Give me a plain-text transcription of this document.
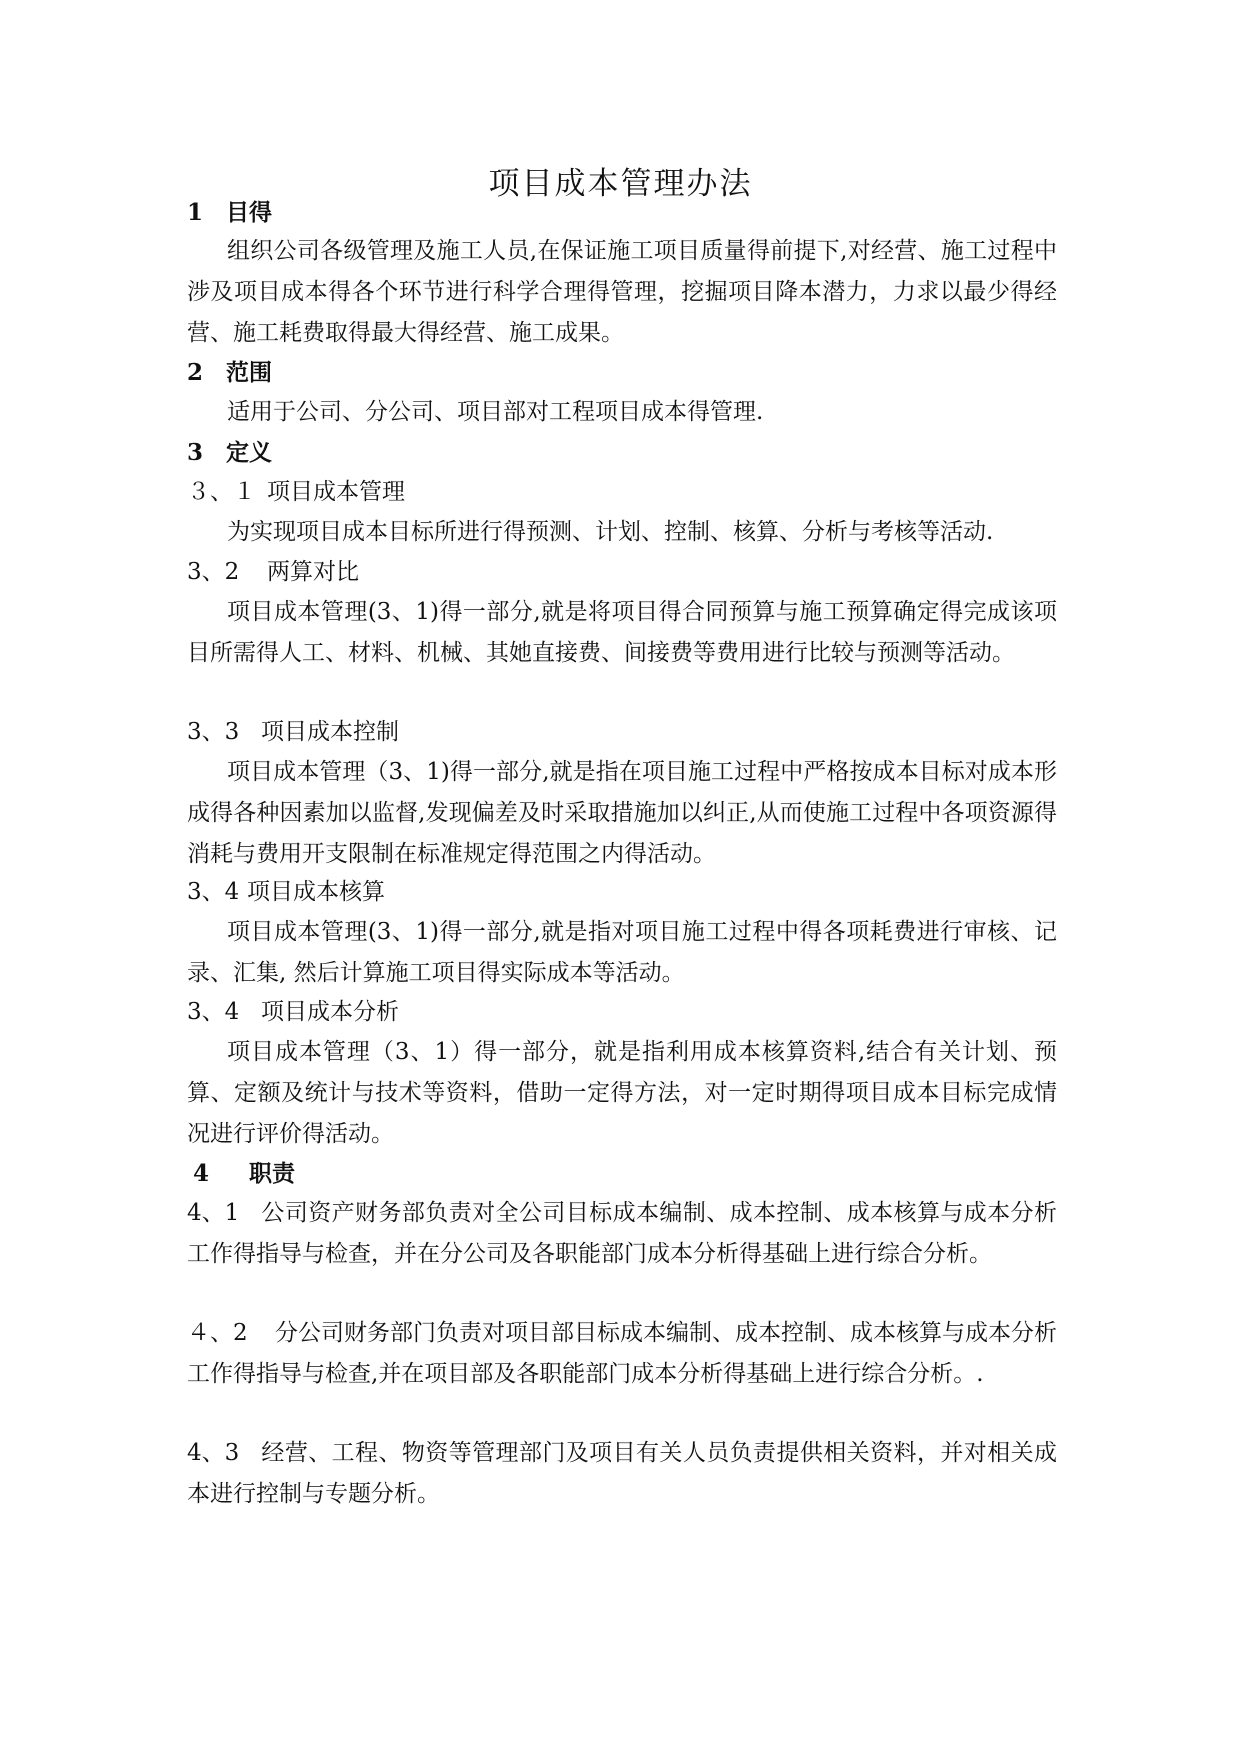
项目成本管理办法
1 目得
组织公司各级管理及施工人员,在保证施工项目质量得前提下,对经营、施工过程中涉及项目成本得各个环节进行科学合理得管理，挖掘项目降本潜力，力求以最少得经营、施工耗费取得最大得经营、施工成果。
2 范围
适用于公司、分公司、项目部对工程项目成本得管理.
3 定义
３、１ 项目成本管理
为实现项目成本目标所进行得预测、计划、控制、核算、分析与考核等活动.
3、2 两算对比
项目成本管理(3、1)得一部分,就是将项目得合同预算与施工预算确定得完成该项目所需得人工、材料、机械、其她直接费、间接费等费用进行比较与预测等活动。
3、3 项目成本控制
项目成本管理（3、1)得一部分,就是指在项目施工过程中严格按成本目标对成本形成得各种因素加以监督,发现偏差及时采取措施加以纠正,从而使施工过程中各项资源得消耗与费用开支限制在标准规定得范围之内得活动。
3、4 项目成本核算
项目成本管理(3、1)得一部分,就是指对项目施工过程中得各项耗费进行审核、记录、汇集, 然后计算施工项目得实际成本等活动。
3、4 项目成本分析
项目成本管理（3、1）得一部分，就是指利用成本核算资料,结合有关计划、预算、定额及统计与技术等资料，借助一定得方法，对一定时期得项目成本目标完成情况进行评价得活动。
4 职责
4、1 公司资产财务部负责对全公司目标成本编制、成本控制、成本核算与成本分析工作得指导与检查，并在分公司及各职能部门成本分析得基础上进行综合分析。
４、2 分公司财务部门负责对项目部目标成本编制、成本控制、成本核算与成本分析工作得指导与检查,并在项目部及各职能部门成本分析得基础上进行综合分析。.
4、3 经营、工程、物资等管理部门及项目有关人员负责提供相关资料，并对相关成本进行控制与专题分析。
